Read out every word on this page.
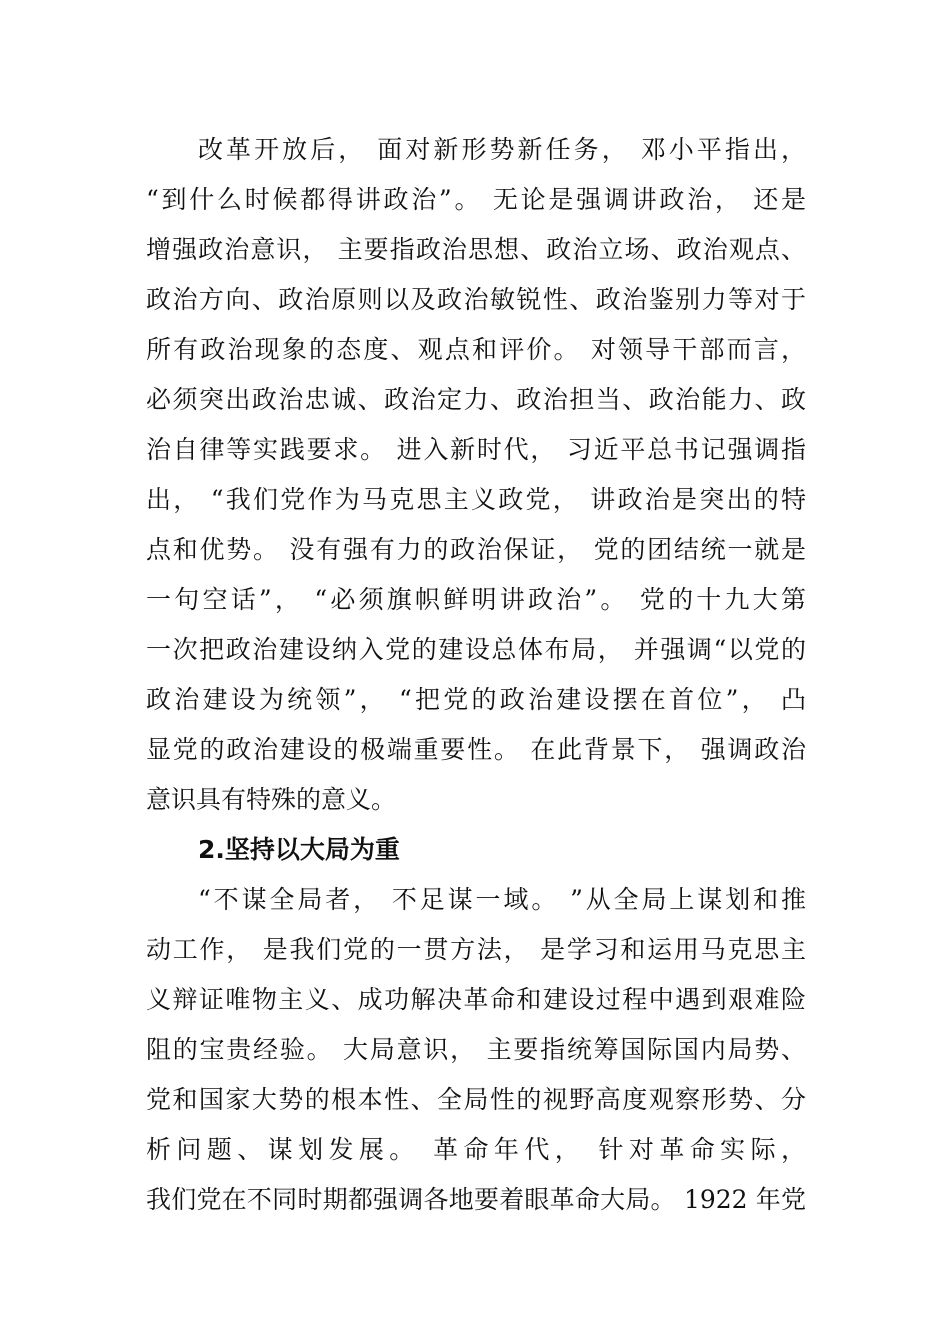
改革开放后， 面对新形势新任务， 邓小平指出，
“到什么时候都得讲政治”。 无论是强调讲政治， 还是
增强政治意识， 主要指政治思想、政治立场、政治观点、
政治方向、政治原则以及政治敏锐性、政治鉴别力等对于
所有政治现象的态度、观点和评价。 对领导干部而言，
必须突出政治忠诚、政治定力、政治担当、政治能力、政
治自律等实践要求。 进入新时代， 习近平总书记强调指
出， “我们党作为马克思主义政党， 讲政治是突出的特
点和优势。 没有强有力的政治保证， 党的团结统一就是
一句空话”， “必须旗帜鲜明讲政治”。 党的十九大第
一次把政治建设纳入党的建设总体布局， 并强调“以党的
政治建设为统领”， “把党的政治建设摆在首位”， 凸
显党的政治建设的极端重要性。 在此背景下， 强调政治
意识具有特殊的意义。
2.坚持以大局为重
“不谋全局者， 不足谋一域。 ”从全局上谋划和推
动工作， 是我们党的一贯方法， 是学习和运用马克思主
义辩证唯物主义、成功解决革命和建设过程中遇到艰难险
阻的宝贵经验。 大局意识， 主要指统筹国际国内局势、
党和国家大势的根本性、全局性的视野高度观察形势、分
析问题、谋划发展。 革命年代， 针对革命实际，
我们党在不同时期都强调各地要着眼革命大局。 1922 年党
